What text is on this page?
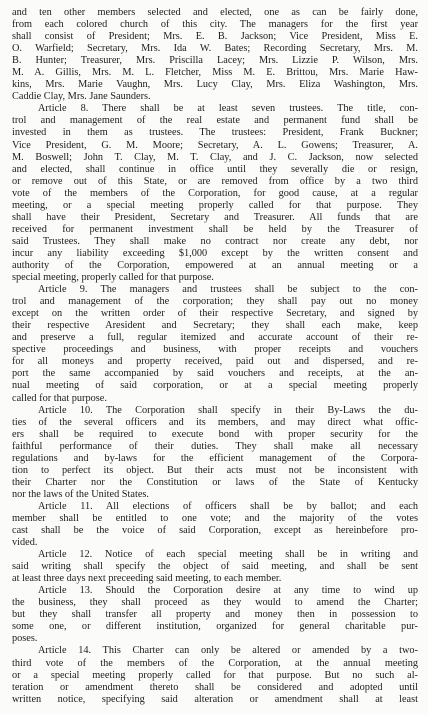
and ten other members selected and elected, one as can be fairly done,
from each colored church of this city. The managers for the first year
shall consist of President; Mrs. E. B. Jackson; Vice President, Miss E.
O. Warfield; Secretary, Mrs. Ida W. Bates; Recording Secretary, Mrs. M.
B. Hunter; Treasurer, Mrs. Priscilla Lacey; Mrs. Lizzie P. Wilson, Mrs.
M. A. Gillis, Mrs. M. L. Fletcher, Miss M. E. Brittou, Mrs. Marie Haw-
kins, Mrs. Marie Vaughn, Mrs. Lucy Clay, Mrs. Eliza Washington, Mrs.
Caddie Clay, Mrs. Jane Saunders.
Article 8. There shall be at least seven trustees. The title, con-
trol and management of the real estate and permanent fund shall be
invested in them as trustees. The trustees: President, Frank Buckner;
Vice President, G. M. Moore; Secretary, A. L. Gowens; Treasurer, A.
M. Boswell; John T. Clay, M. T. Clay, and J. C. Jackson, now selected
and elected, shall continue in office until they severally die or resign,
or remove out of this State, or are removed from office by a two third
vote of the members of the Corporation, for good cause, at a regular
meeting, or a special meeting properly called for that purpose. They
shall have their President, Secretary and Treasurer. All funds that are
received for permanent investment shall be held by the Treasurer of
said Trustees. They shall make no contract nor create any debt, nor
incur any liability exceeding $1,000 except by the written consent and
authority of the Corporation, empowered at an annual meeting or a
special meeting, properly called for that purpose.
Article 9. The managers and trustees shall be subject to the con-
trol and management of the corporation; they shall pay out no money
except on the written order of their respective Secretary, and signed by
their respective Aresident and Secretary; they shall each make, keep
and preserve a full, regular itemized and accurate account of their re-
spective proceedings and business, with proper receipts and vouchers
for all moneys and property received, paid out and dispersed, and re-
port the same accompanied by said vouchers and receipts, at the an-
nual meeting of said corporation, or at a special meeting properly
called for that purpose.
Article 10. The Corporation shall specify in their By-Laws the du-
ties of the several officers and its members, and may direct what offic-
ers shall be required to execute bond with proper security for the
faithful performance of their duties. They shall make all necessary
regulations and by-laws for the efficient management of the Corpora-
tion to perfect its object. But their acts must not be inconsistent with
their Charter nor the Constitution or laws of the State of Kentucky
nor the laws of the United States.
Article 11. All elections of officers shall be by ballot; and each
member shall be entitled to one vote; and the majority of the votes
cast shall be the voice of said Corporation, except as hereinbefore pro-
vided.
Article 12. Notice of each special meeting shall be in writing and
said writing shall specify the object of said meeting, and shall be sent
at least three days next preceeding said meeting, to each member.
Article 13. Should the Corporation desire at any time to wind up
the business, they shall proceed as they would to amend the Charter;
but they shall transfer all property and money then in possession to
some one, or different institution, organized for general charitable pur-
poses.
Article 14. This Charter can only be altered or amended by a two-
third vote of the members of the Corporation, at the annual meeting
or a special meeting properly called for that purpose. But no such al-
teration or amendment thereto shall be considered and adopted until
written notice, specifying said alteration or amendment shall at least
